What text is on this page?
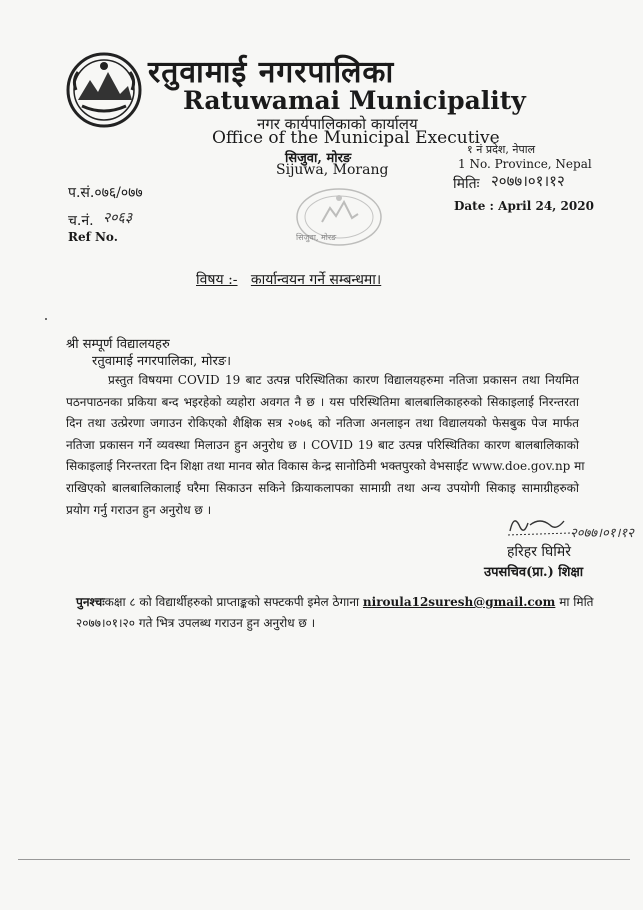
रतुवामाई नगरपालिका
Ratuwamai Municipality
नगर कार्यपालिकाको कार्यालय
Office of the Municipal Executive
सिजुवा, मोरङ
Sijuwa, Morang
१ नं प्रदेश, नेपाल
1 No. Province, Nepal
मितिः २०७७।०१।१२
Date : April 24, 2020
प.सं.०७६/०७७
च.नं. २०६३
Ref No.	सिजुवा, मोरङ
विषय :- कार्यान्वयन गर्ने सम्बन्धमा।
श्री सम्पूर्ण विद्यालयहरु
रतुवामाई नगरपालिका, मोरङ।
प्रस्तुत विषयमा COVID 19 बाट उत्पन्न परिस्थितिका कारण विद्यालयहरुमा नतिजा प्रकासन तथा नियमित
पठनपाठनका प्रकिया बन्द भइरहेको व्यहोरा अवगत नै छ । यस परिस्थितिमा बालबालिकाहरुको सिकाइलाई निरन्तरता
दिन तथा उत्प्रेरणा जगाउन रोकिएको शैक्षिक सत्र २०७६ को नतिजा अनलाइन तथा विद्यालयको फेसबुक पेज मार्फत
नतिजा प्रकासन गर्ने व्यवस्था मिलाउन हुन अनुरोध छ । COVID 19 बाट उत्पन्न परिस्थितिका कारण बालबालिकाको
सिकाइलाई निरन्तरता दिन शिक्षा तथा मानव स्रोत विकास केन्द्र सानोठिमी भक्तपुरको वेभसाईट www.doe.gov.np मा
राखिएको बालबालिकालाई घरैमा सिकाउन सकिने क्रियाकलापका सामाग्री तथा अन्य उपयोगी सिकाइ सामाग्रीहरुको
प्रयोग गर्नु गराउन हुन अनुरोध छ ।
२०७७।०१।१२
हरिहर घिमिरे
उपसचिव(प्रा.) शिक्षा
पुनश्चःकक्षा ८ को विद्यार्थीहरुको प्राप्ताङ्कको सफ्टकपी इमेल ठेगाना niroula12suresh@gmail.com मा मिति
२०७७।०१।२० गते भित्र उपलब्ध गराउन हुन अनुरोध छ ।
